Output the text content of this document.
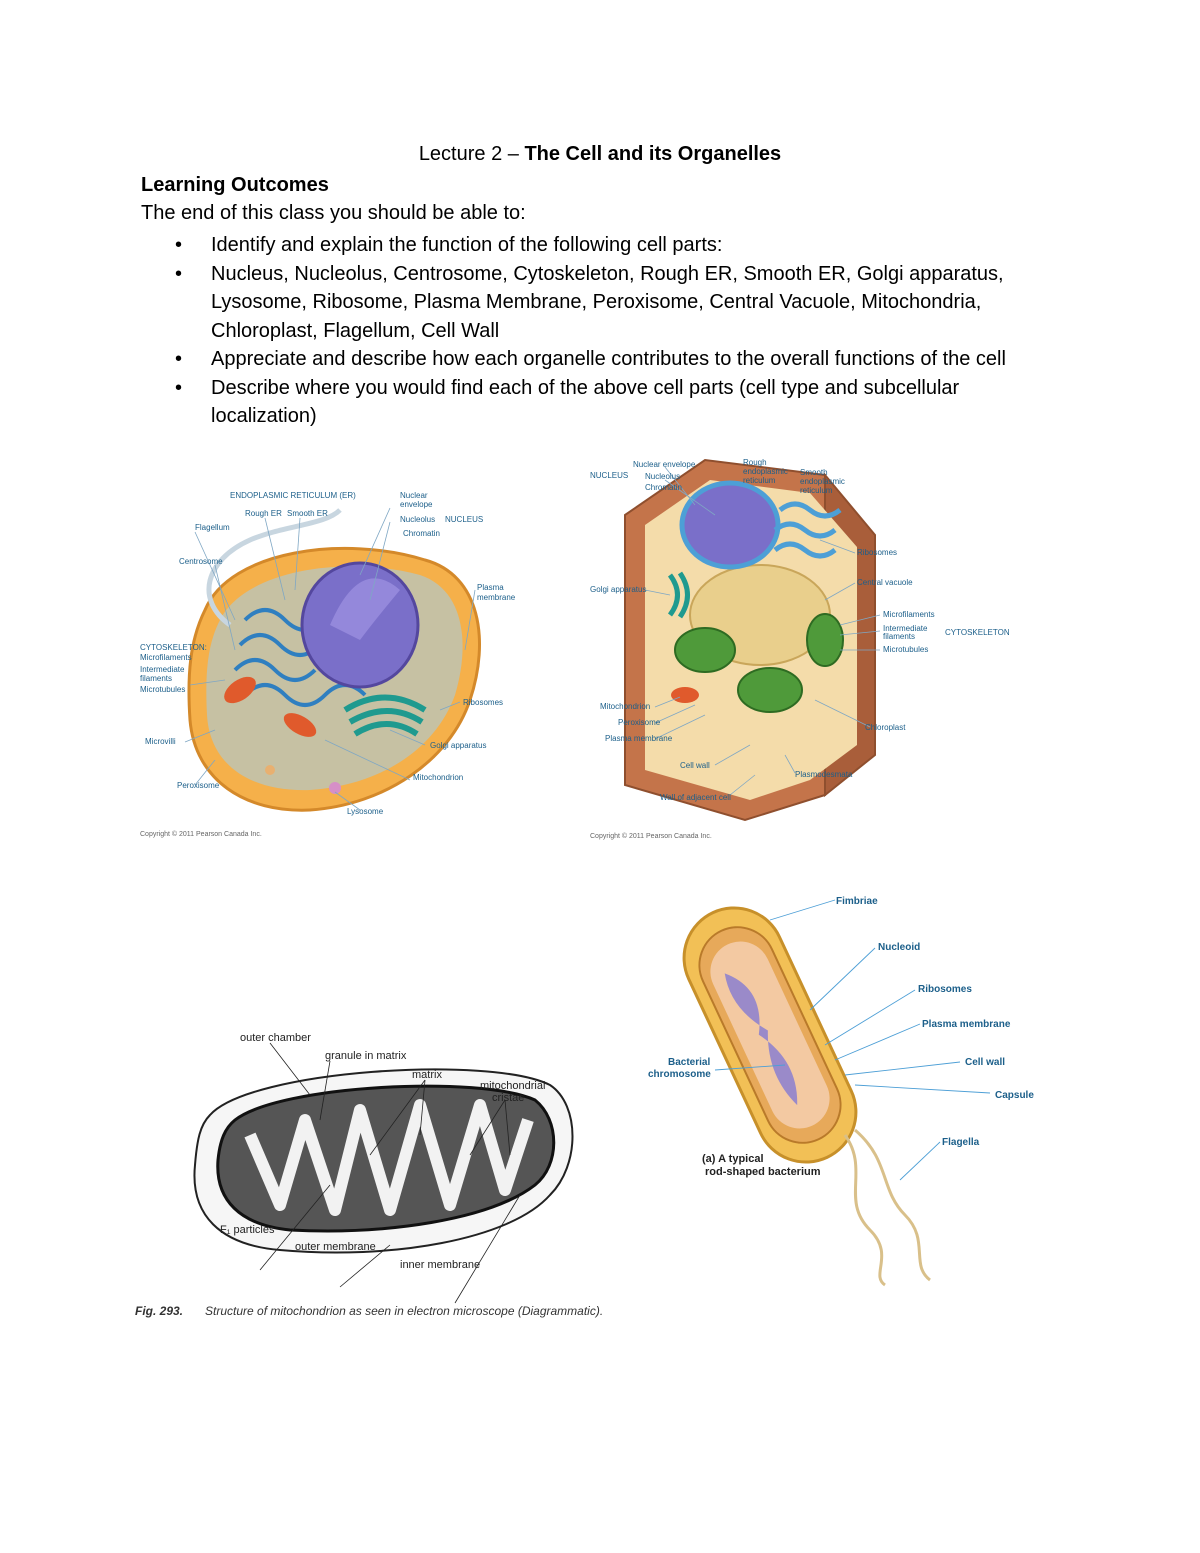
Lecture 2 – The Cell and its Organelles
Learning Outcomes
The end of this class you should be able to:
• Identify and explain the function of the following cell parts:
• Nucleus, Nucleolus, Centrosome, Cytoskeleton, Rough ER, Smooth ER, Golgi apparatus, Lysosome, Ribosome, Plasma Membrane, Peroxisome, Central Vacuole, Mitochondria, Chloroplast, Flagellum, Cell Wall
• Appreciate and describe how each organelle contributes to the overall functions of the cell
• Describe where you would find each of the above cell parts (cell type and subcellular localization)
ENDOPLASMIC RETICULUM (ER)
Rough ER Smooth ER
Flagellum
Centrosome
Nuclear
envelope
Nucleolus NUCLEUS
Chromatin
Plasma
membrane
CYTOSKELETON:
Microfilaments
Intermediate
filaments
Microtubules
Ribosomes
Microvilli	Golgi apparatus
Peroxisome
Mitochondrion
Lysosome
Copyright © 2011 Pearson Canada Inc.
NUCLEUS
Nuclear envelope
Nucleolus
Chromatin
Rough
endoplasmic
reticulum
Smooth
endoplasmic
reticulum
Ribosomes
Central vacuole
Golgi apparatus
Microfilaments
Intermediate
filaments	CYTOSKELETON
Microtubules
Mitochondrion
Peroxisome
Plasma membrane
Chloroplast
Cell wall
Plasmodesmata
Wall of adjacent cell
Copyright © 2011 Pearson Canada Inc.
outer chamber
granule in matrix
matrix
mitochondrial
cristae
F₁ particles
outer membrane
inner membrane
Fig. 293. Structure of mitochondrion as seen in electron microscope (Diagrammatic).
Fimbriae
Nucleoid
Ribosomes
Plasma membrane
Bacterial
chromosome
Cell wall
Capsule
Flagella
(a) A typical
rod-shaped bacterium
